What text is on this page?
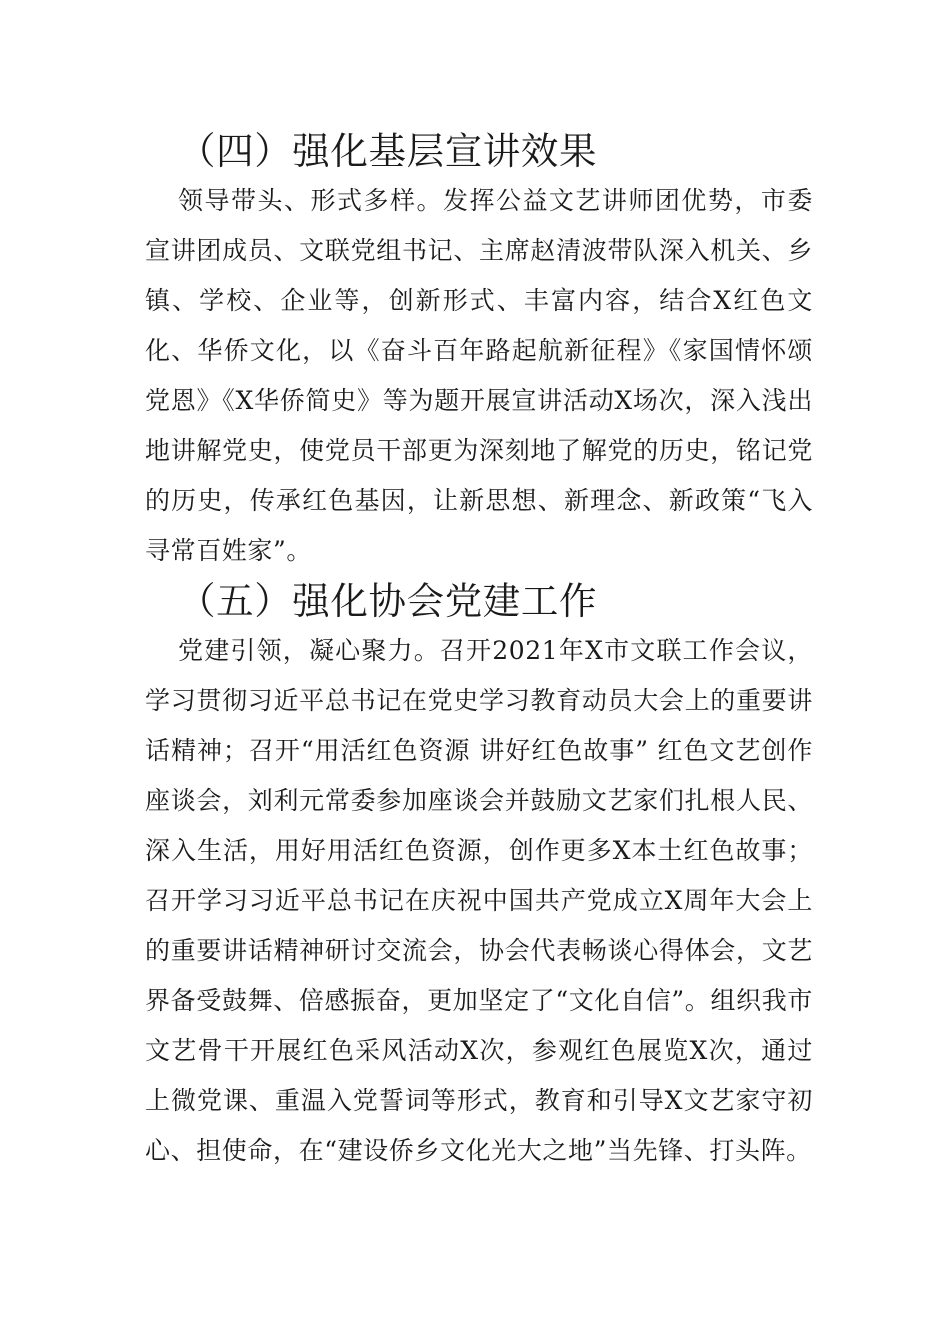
（四）强化基层宣讲效果

领导带头、形式多样。发挥公益文艺讲师团优势，市委宣讲团成员、文联党组书记、主席赵清波带队深入机关、乡镇、学校、企业等，创新形式、丰富内容，结合X红色文化、华侨文化，以《奋斗百年路起航新征程》《家国情怀颂党恩》《X华侨简史》等为题开展宣讲活动X场次，深入浅出地讲解党史，使党员干部更为深刻地了解党的历史，铭记党的历史，传承红色基因，让新思想、新理念、新政策“飞入寻常百姓家”。

（五）强化协会党建工作

党建引领，凝心聚力。召开2021年X市文联工作会议，学习贯彻习近平总书记在党史学习教育动员大会上的重要讲话精神；召开“用活红色资源 讲好红色故事” 红色文艺创作座谈会，刘利元常委参加座谈会并鼓励文艺家们扎根人民、深入生活，用好用活红色资源，创作更多X本土红色故事；召开学习习近平总书记在庆祝中国共产党成立X周年大会上的重要讲话精神研讨交流会，协会代表畅谈心得体会，文艺界备受鼓舞、倍感振奋，更加坚定了“文化自信”。组织我市文艺骨干开展红色采风活动X次，参观红色展览X次，通过上微党课、重温入党誓词等形式，教育和引导X文艺家守初心、担使命，在“建设侨乡文化光大之地”当先锋、打头阵。
